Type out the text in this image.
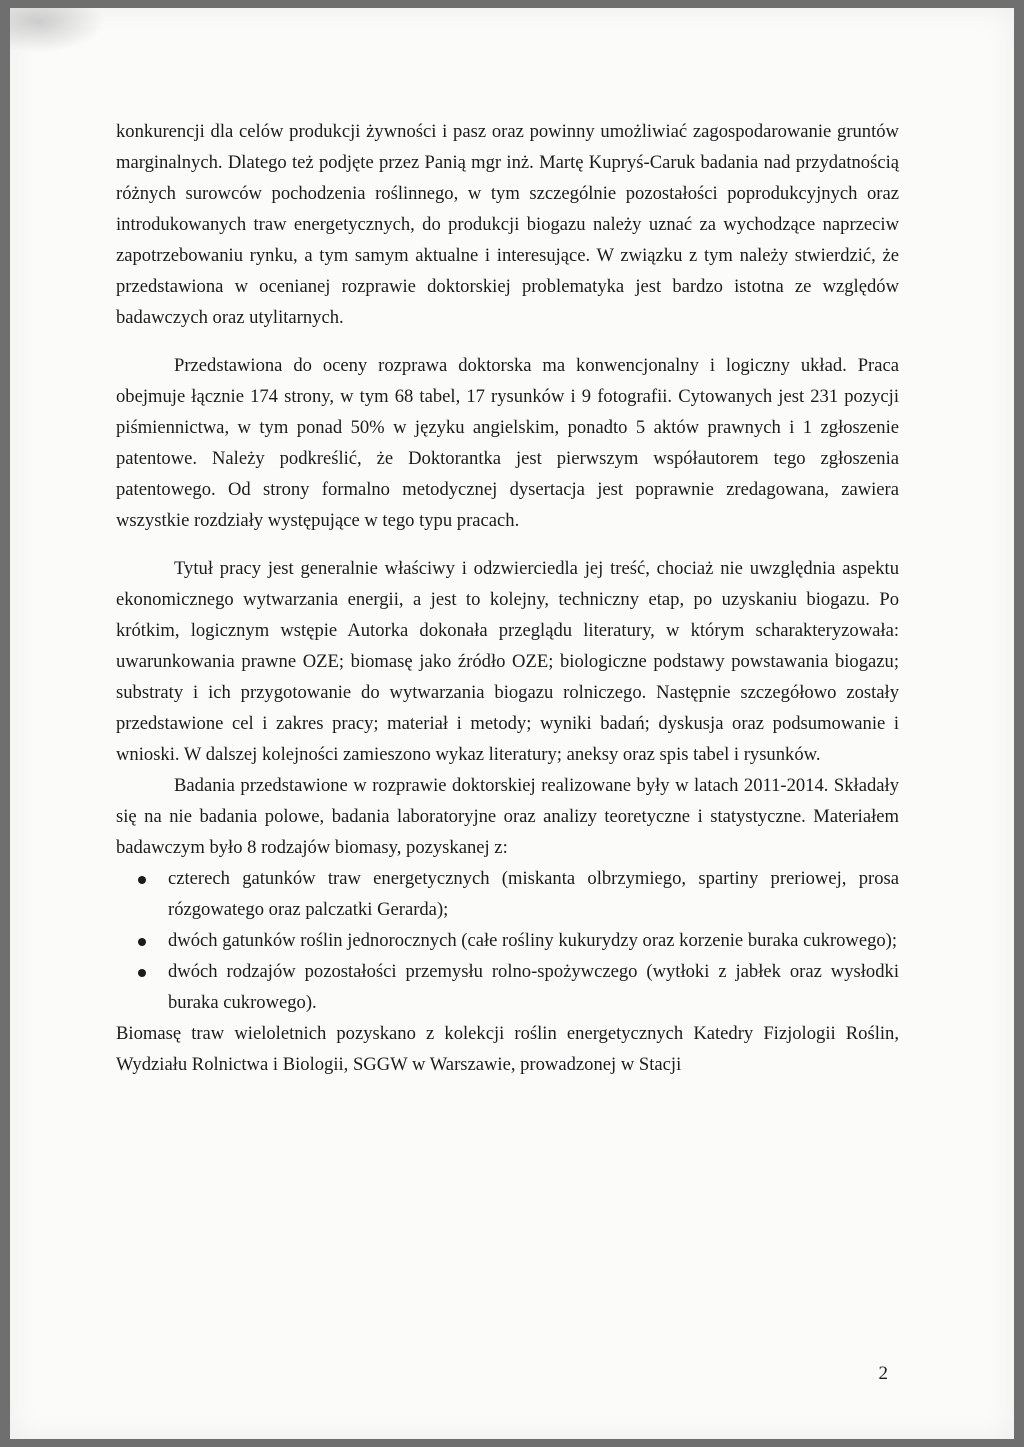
konkurencji dla celów produkcji żywności i pasz oraz powinny umożliwiać zagospodarowanie gruntów marginalnych. Dlatego też podjęte przez Panią mgr inż. Martę Kupryś-Caruk badania nad przydatnością różnych surowców pochodzenia roślinnego, w tym szczególnie pozostałości poprodukcyjnych oraz introdukowanych traw energetycznych, do produkcji biogazu należy uznać za wychodzące naprzeciw zapotrzebowaniu rynku, a tym samym aktualne i interesujące. W związku z tym należy stwierdzić, że przedstawiona w ocenianej rozprawie doktorskiej problematyka jest bardzo istotna ze względów badawczych oraz utylitarnych.

Przedstawiona do oceny rozprawa doktorska ma konwencjonalny i logiczny układ. Praca obejmuje łącznie 174 strony, w tym 68 tabel, 17 rysunków i 9 fotografii. Cytowanych jest 231 pozycji piśmiennictwa, w tym ponad 50% w języku angielskim, ponadto 5 aktów prawnych i 1 zgłoszenie patentowe. Należy podkreślić, że Doktorantka jest pierwszym współautorem tego zgłoszenia patentowego. Od strony formalno metodycznej dysertacja jest poprawnie zredagowana, zawiera wszystkie rozdziały występujące w tego typu pracach.

Tytuł pracy jest generalnie właściwy i odzwierciedla jej treść, chociaż nie uwzględnia aspektu ekonomicznego wytwarzania energii, a jest to kolejny, techniczny etap, po uzyskaniu biogazu. Po krótkim, logicznym wstępie Autorka dokonała przeglądu literatury, w którym scharakteryzowała: uwarunkowania prawne OZE; biomasę jako źródło OZE; biologiczne podstawy powstawania biogazu; substraty i ich przygotowanie do wytwarzania biogazu rolniczego. Następnie szczegółowo zostały przedstawione cel i zakres pracy; materiał i metody; wyniki badań; dyskusja oraz podsumowanie i wnioski. W dalszej kolejności zamieszono wykaz literatury; aneksy oraz spis tabel i rysunków.

Badania przedstawione w rozprawie doktorskiej realizowane były w latach 2011-2014. Składały się na nie badania polowe, badania laboratoryjne oraz analizy teoretyczne i statystyczne. Materiałem badawczym było 8 rodzajów biomasy, pozyskanej z:

czterech gatunków traw energetycznych (miskanta olbrzymiego, spartiny preriowej, prosa rózgowatego oraz palczatki Gerarda);
dwóch gatunków roślin jednorocznych (całe rośliny kukurydzy oraz korzenie buraka cukrowego);
dwóch rodzajów pozostałości przemysłu rolno-spożywczego (wytłoki z jabłek oraz wysłodki buraka cukrowego).

Biomasę traw wieloletnich pozyskano z kolekcji roślin energetycznych Katedry Fizjologii Roślin, Wydziału Rolnictwa i Biologii, SGGW w Warszawie, prowadzonej w Stacji

2
